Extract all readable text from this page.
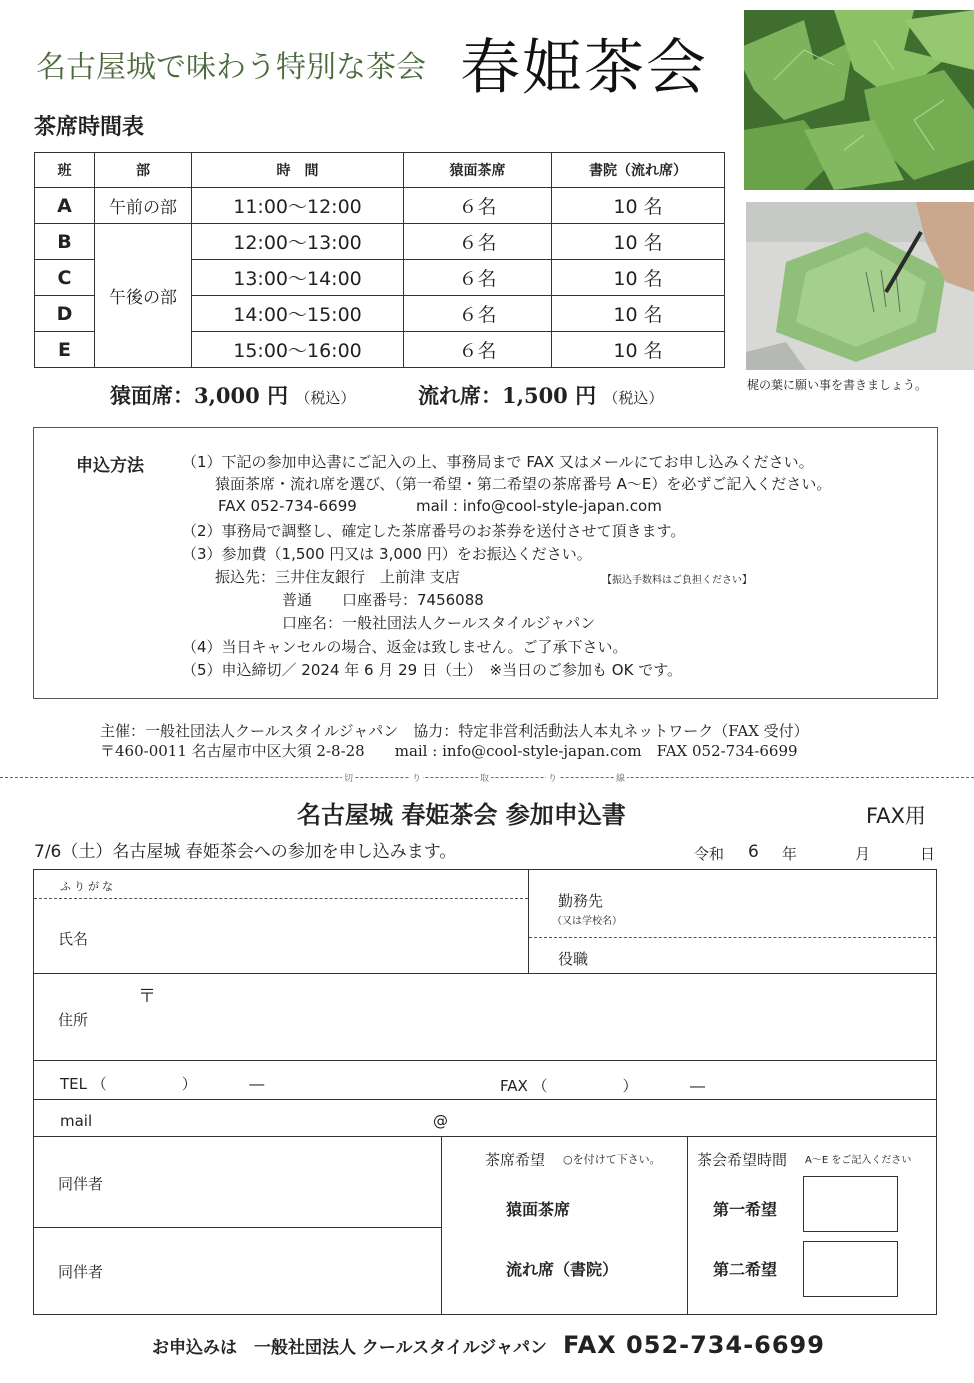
名古屋城で味わう特別な茶会 春姫茶会
梶の葉に願い事を書きましょう。
茶席時間表
班	部	時　間	猿面茶席	書院（流れ席）
A	午前の部	11:00〜12:00	６名	10 名
B	午後の部	12:00〜13:00	６名	10 名
C		13:00〜14:00	６名	10 名
D		14:00〜15:00	６名	10 名
E		15:00〜16:00	６名	10 名
猿面席：3,000 円 （税込）	流れ席：1,500 円 （税込）
申込方法	（1）下記の参加申込書にご記入の上、事務局まで FAX 又はメールにてお申し込みください。
猿面茶席・流れ席を選び、（第一希望・第二希望の茶席番号 A〜E）を必ずご記入ください。
FAX 052‐734‐6699	mail : info@cool-style-japan.com
（2）事務局で調整し、確定した茶席番号のお茶券を送付させて頂きます。
（3）参加費（1,500 円又は 3,000 円）をお振込ください。
振込先：三井住友銀行　上前津 支店	【振込手数料はご負担ください】
普通　　口座番号：7456088
口座名：一般社団法人クールスタイルジャパン
（4）当日キャンセルの場合、返金は致しません。ご了承下さい。
（5）申込締切／ 2024 年 6 月 29 日（土）　※当日のご参加も OK です。
主催：一般社団法人クールスタイルジャパン　協力：特定非営利活動法人本丸ネットワーク（FAX 受付）
〒460-0011 名古屋市中区大須 2-8-28　　mail : info@cool-style-japan.com　FAX 052-734-6699
切	り	取	り	線
名古屋城 春姫茶会 参加申込書	FAX用
7/6（土）名古屋城 春姫茶会への参加を申し込みます。	令和 6 年	月	日
ふりがな
氏名
勤務先
（又は学校名）
役職
〒
住所
TEL （　　　　　）　　　　―	FAX （　　　　　）　　　　―
mail	@
同伴者
同伴者
茶席希望 ○を付けて下さい。
猿面茶席
流れ席（書院）
茶会希望時間 A〜E をご記入ください
第一希望
第二希望
お申込みは　一般社団法人 クールスタイルジャパン FAX 052-734-6699
